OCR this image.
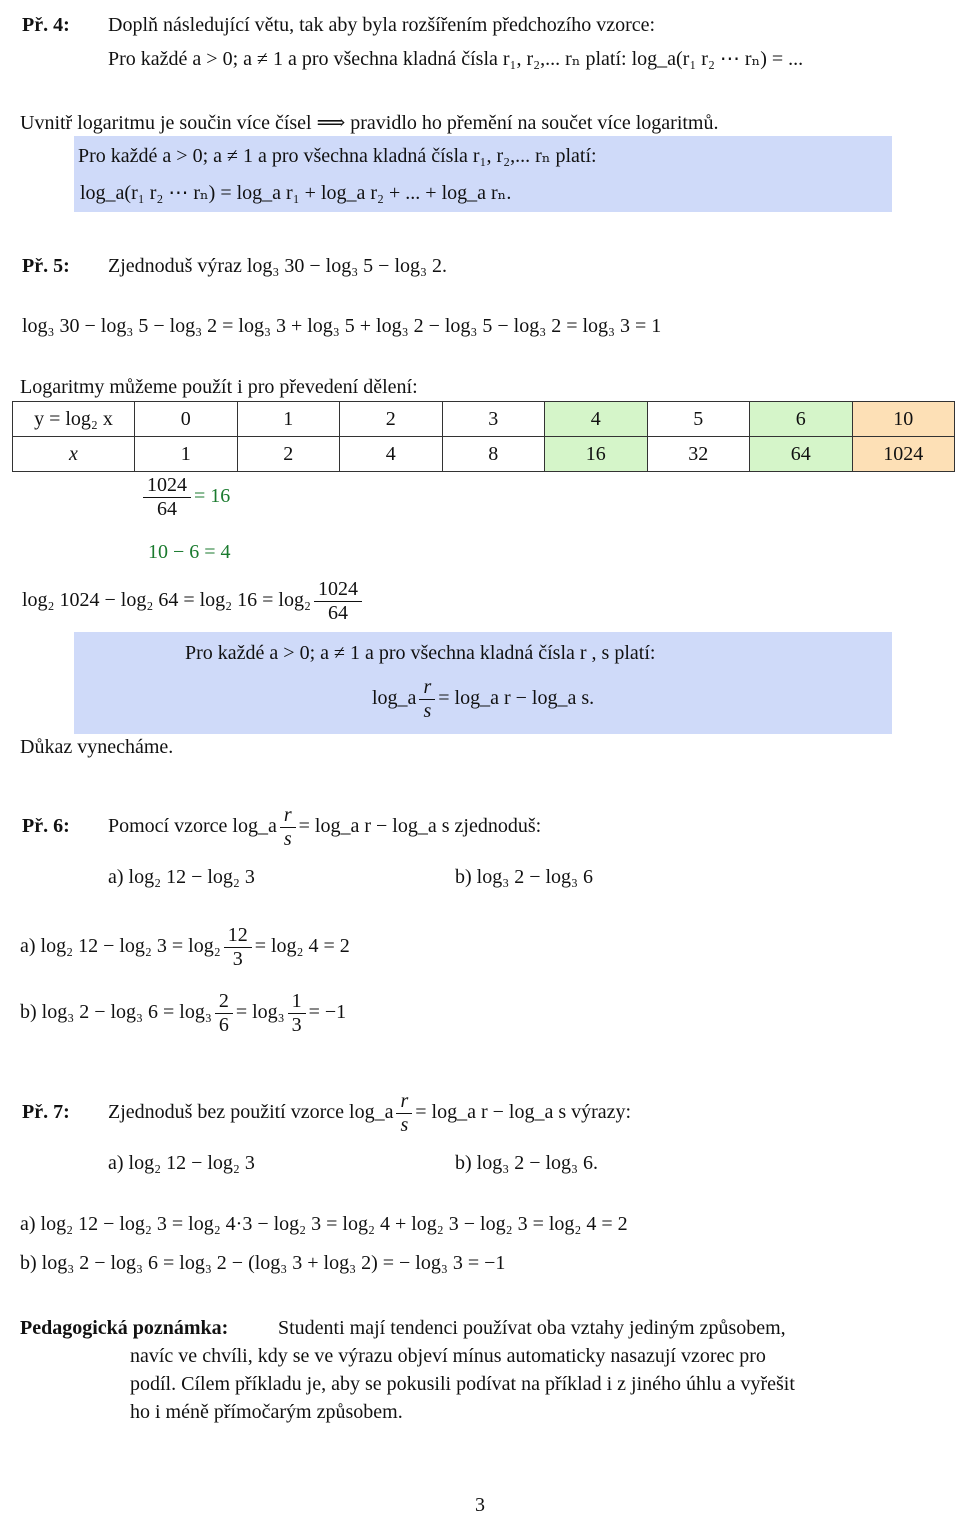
Př. 4: Doplň následující větu, tak aby byla rozšířením předchozího vzorce:
Pro každé a > 0; a ≠ 1 a pro všechna kladná čísla r₁, r₂,... rₙ platí: log_a(r₁ r₂ ⋯ rₙ) = ...
Uvnitř logaritmu je součin více čísel ⟹ pravidlo ho přemění na součet více logaritmů.
Pro každé a > 0; a ≠ 1 a pro všechna kladná čísla r₁, r₂,... rₙ platí:
log_a(r₁ r₂ ⋯ rₙ) = log_a r₁ + log_a r₂ + ... + log_a rₙ.
Př. 5: Zjednoduš výraz log₃ 30 − log₃ 5 − log₃ 2.
log₃ 30 − log₃ 5 − log₃ 2 = log₃ 3 + log₃ 5 + log₃ 2 − log₃ 5 − log₃ 2 = log₃ 3 = 1
Logaritmy můžeme použít i pro převedení dělení:
y = log₂ x	0	1	2	3	4	5	6	10
x	1	2	4	8	16	32	64	1024
$\frac{1024}{64} = 16$
10 − 6 = 4
log₂ 1024 − log₂ 64 = log₂ $16 = \log_2 \frac{1024}{64}$
Pro každé a > 0; a ≠ 1 a pro všechna kladná čísla r , s platí:
log_a $\frac{r}{s}$ = log_a r − log_a s.
Důkaz vynecháme.
Př. 6: Pomocí vzorce log_a $\frac{r}{s}$ = log_a r − log_a s zjednoduš:
a) log₂ 12 − log₂ 3	b) log₃ 2 − log₃ 6
a) log₂ 12 − log₂ $3 = \log_2 \frac{12}{3} = \log_2$ 4 = 2
b) log₃ 2 − log₃ $6 = \log_3 \frac{2}{6} = \log_3 \frac{1}{3} = -1$
Př. 7: Zjednoduš bez použití vzorce log_a $\frac{r}{s}$ = log_a r − log_a s výrazy:
a) log₂ 12 − log₂ 3	b) log₃ 2 − log₃ 6.
a) log₂ 12 − log₂ 3 = log₂ 4·3 − log₂ 3 = log₂ 4 + log₂ 3 − log₂ 3 = log₂ 4 = 2
b) log₃ 2 − log₃ 6 = log₃ 2 − (log₃ 3 + log₃ 2) = − log₃ 3 = −1
Pedagogická poznámka: Studenti mají tendenci používat oba vztahy jediným způsobem,
navíc ve chvíli, kdy se ve výrazu objeví mínus automaticky nasazují vzorec pro
podíl. Cílem příkladu je, aby se pokusili podívat na příklad i z jiného úhlu a vyřešit
ho i méně přímočarým způsobem.
3
